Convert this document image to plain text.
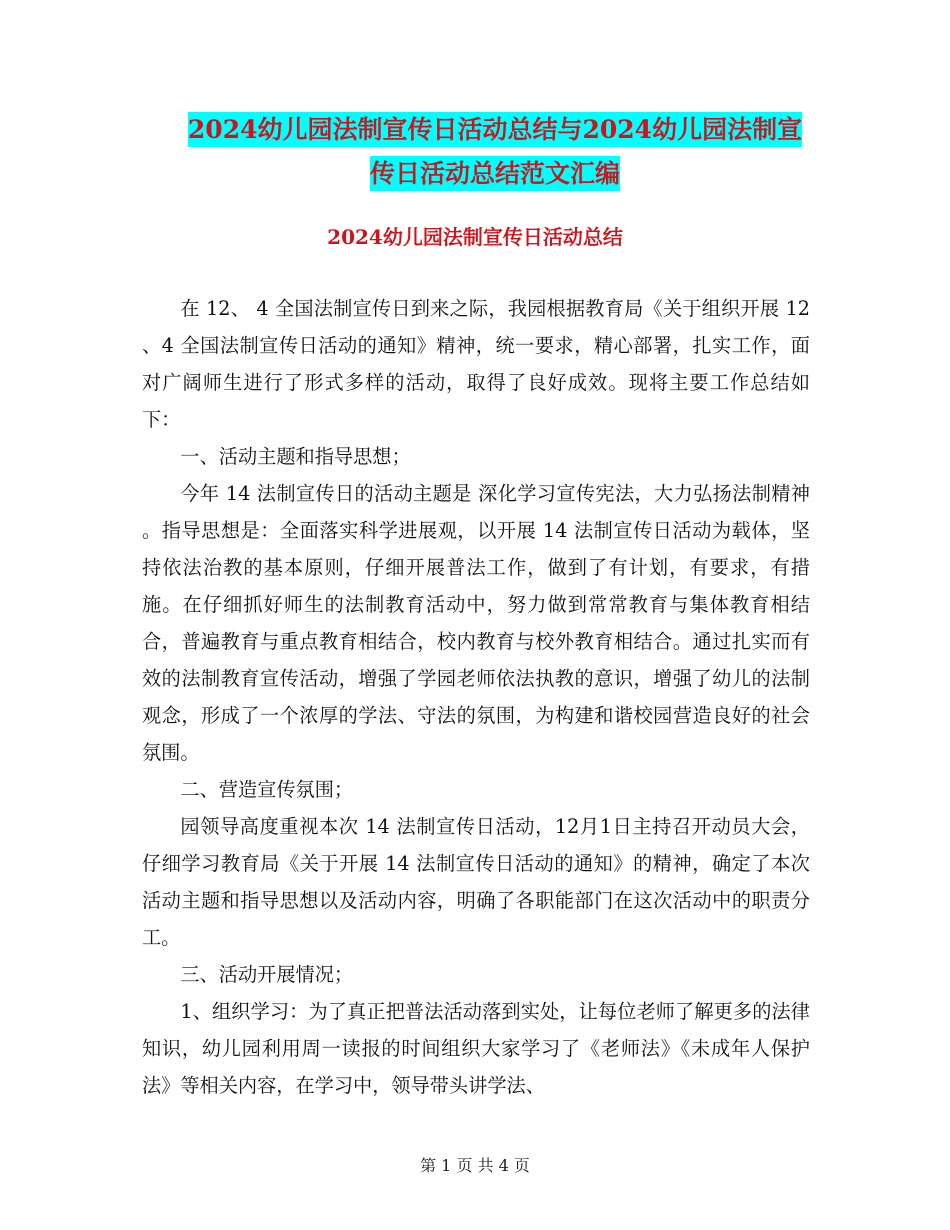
2024幼儿园法制宣传日活动总结与2024幼儿园法制宣
传日活动总结范文汇编
2024幼儿园法制宣传日活动总结

在 12、 4 全国法制宣传日到来之际，我园根据教育局《关于组织开展 12 、4 全国法制宣传日活动的通知》精神，统一要求，精心部署，扎实工作，面对广阔师生进行了形式多样的活动，取得了良好成效。现将主要工作总结如下：

一、活动主题和指导思想；

今年 14 法制宣传日的活动主题是 深化学习宣传宪法，大力弘扬法制精神 。指导思想是：全面落实科学进展观，以开展 14 法制宣传日活动为载体，坚持依法治教的基本原则，仔细开展普法工作，做到了有计划，有要求，有措施。在仔细抓好师生的法制教育活动中，努力做到常常教育与集体教育相结合，普遍教育与重点教育相结合，校内教育与校外教育相结合。通过扎实而有效的法制教育宣传活动，增强了学园老师依法执教的意识，增强了幼儿的法制观念，形成了一个浓厚的学法、守法的氛围，为构建和谐校园营造良好的社会氛围。

二、营造宣传氛围；

园领导高度重视本次 14 法制宣传日活动，12月1日主持召开动员大会，仔细学习教育局《关于开展 14 法制宣传日活动的通知》的精神，确定了本次活动主题和指导思想以及活动内容，明确了各职能部门在这次活动中的职责分工。

三、活动开展情况；

1、组织学习：为了真正把普法活动落到实处，让每位老师了解更多的法律知识，幼儿园利用周一读报的时间组织大家学习了《老师法》《未成年人保护法》等相关内容，在学习中，领导带头讲学法、

第 1 页 共 4 页
